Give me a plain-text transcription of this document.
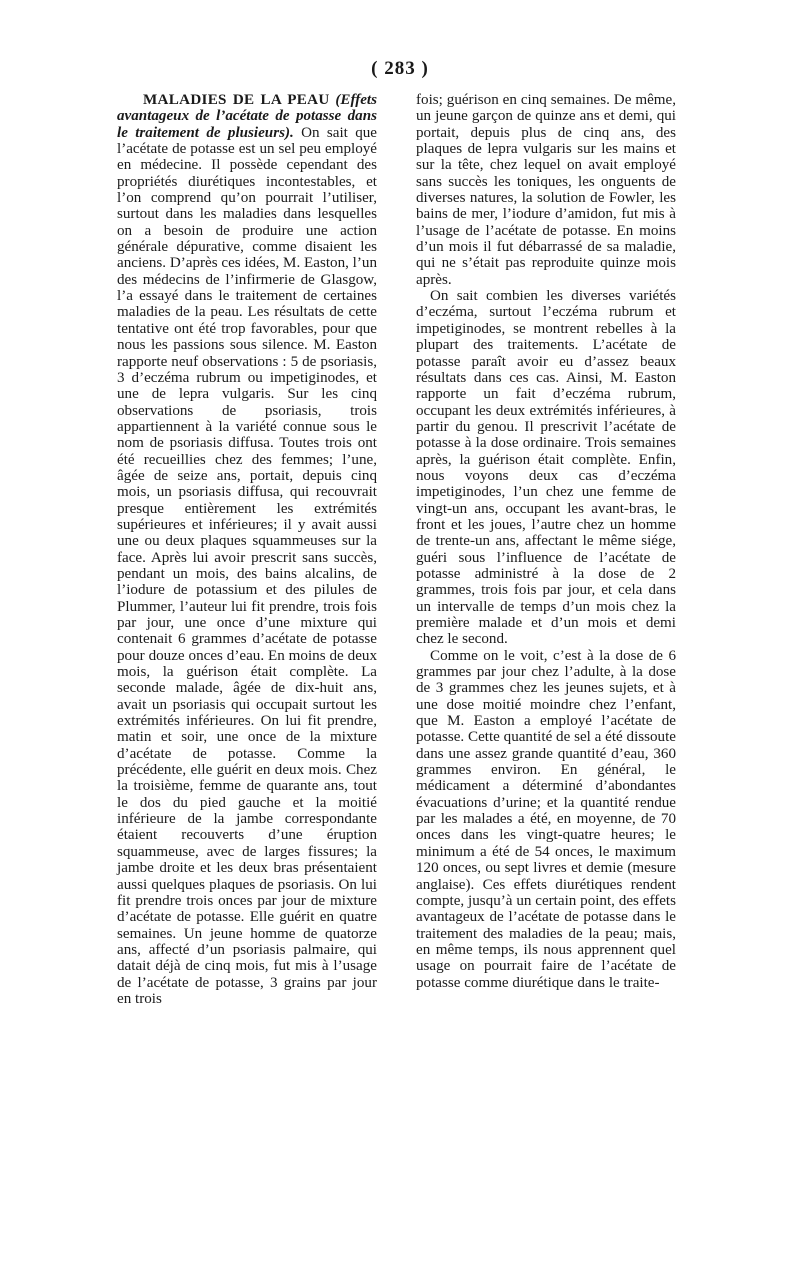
( 283 )

MALADIES DE LA PEAU (Effets avantageux de l’acétate de potasse dans le traitement de plusieurs). On sait que l’acétate de potasse est un sel peu employé en médecine. Il possède cependant des propriétés diurétiques incontestables, et l’on comprend qu’on pourrait l’utiliser, surtout dans les maladies dans lesquelles on a besoin de produire une action générale dépurative, comme disaient les anciens. D’après ces idées, M. Easton, l’un des médecins de l’infirmerie de Glasgow, l’a essayé dans le traitement de certaines maladies de la peau. Les résultats de cette tentative ont été trop favorables, pour que nous les passions sous silence. M. Easton rapporte neuf observations : 5 de psoriasis, 3 d’eczéma rubrum ou impetiginodes, et une de lepra vulgaris. Sur les cinq observations de psoriasis, trois appartiennent à la variété connue sous le nom de psoriasis diffusa. Toutes trois ont été recueillies chez des femmes; l’une, âgée de seize ans, portait, depuis cinq mois, un psoriasis diffusa, qui recouvrait presque entièrement les extrémités supérieures et inférieures; il y avait aussi une ou deux plaques squammeuses sur la face. Après lui avoir prescrit sans succès, pendant un mois, des bains alcalins, de l’iodure de potassium et des pilules de Plummer, l’auteur lui fit prendre, trois fois par jour, une once d’une mixture qui contenait 6 grammes d’acétate de potasse pour douze onces d’eau. En moins de deux mois, la guérison était complète. La seconde malade, âgée de dix-huit ans, avait un psoriasis qui occupait surtout les extrémités inférieures. On lui fit prendre, matin et soir, une once de la mixture d’acétate de potasse. Comme la précédente, elle guérit en deux mois. Chez la troisième, femme de quarante ans, tout le dos du pied gauche et la moitié inférieure de la jambe correspondante étaient recouverts d’une éruption squammeuse, avec de larges fissures; la jambe droite et les deux bras présentaient aussi quelques plaques de psoriasis. On lui fit prendre trois onces par jour de mixture d’acétate de potasse. Elle guérit en quatre semaines. Un jeune homme de quatorze ans, affecté d’un psoriasis palmaire, qui datait déjà de cinq mois, fut mis à l’usage de l’acétate de potasse, 3 grains par jour en trois

fois; guérison en cinq semaines. De même, un jeune garçon de quinze ans et demi, qui portait, depuis plus de cinq ans, des plaques de lepra vulgaris sur les mains et sur la tête, chez lequel on avait employé sans succès les toniques, les onguents de diverses natures, la solution de Fowler, les bains de mer, l’iodure d’amidon, fut mis à l’usage de l’acétate de potasse. En moins d’un mois il fut débarrassé de sa maladie, qui ne s’était pas reproduite quinze mois après.

On sait combien les diverses variétés d’eczéma, surtout l’eczéma rubrum et impetiginodes, se montrent rebelles à la plupart des traitements. L’acétate de potasse paraît avoir eu d’assez beaux résultats dans ces cas. Ainsi, M. Easton rapporte un fait d’eczéma rubrum, occupant les deux extrémités inférieures, à partir du genou. Il prescrivit l’acétate de potasse à la dose ordinaire. Trois semaines après, la guérison était complète. Enfin, nous voyons deux cas d’eczéma impetiginodes, l’un chez une femme de vingt-un ans, occupant les avant-bras, le front et les joues, l’autre chez un homme de trente-un ans, affectant le même siége, guéri sous l’influence de l’acétate de potasse administré à la dose de 2 grammes, trois fois par jour, et cela dans un intervalle de temps d’un mois chez la première malade et d’un mois et demi chez le second.

Comme on le voit, c’est à la dose de 6 grammes par jour chez l’adulte, à la dose de 3 grammes chez les jeunes sujets, et à une dose moitié moindre chez l’enfant, que M. Easton a employé l’acétate de potasse. Cette quantité de sel a été dissoute dans une assez grande quantité d’eau, 360 grammes environ. En général, le médicament a déterminé d’abondantes évacuations d’urine; et la quantité rendue par les malades a été, en moyenne, de 70 onces dans les vingt-quatre heures; le minimum a été de 54 onces, le maximum 120 onces, ou sept livres et demie (mesure anglaise). Ces effets diurétiques rendent compte, jusqu’à un certain point, des effets avantageux de l’acétate de potasse dans le traitement des maladies de la peau; mais, en même temps, ils nous apprennent quel usage on pourrait faire de l’acétate de potasse comme diurétique dans le traite-
